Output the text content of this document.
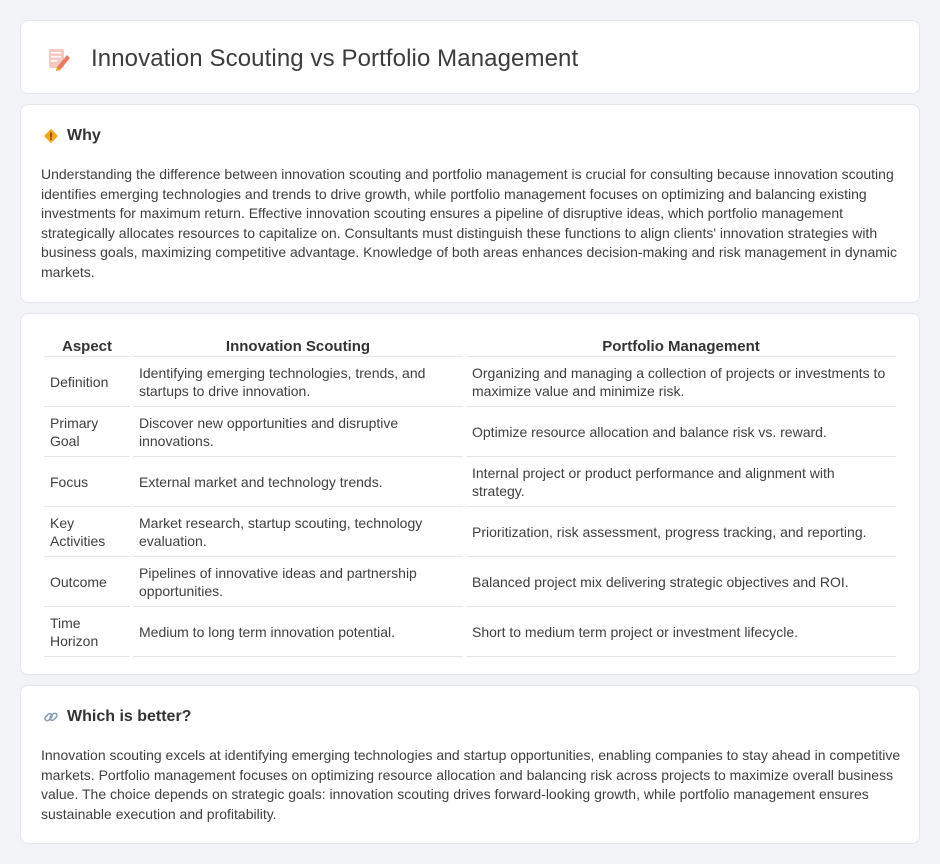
Innovation Scouting vs Portfolio Management
Why

Understanding the difference between innovation scouting and portfolio management is crucial for consulting because innovation scouting identifies emerging technologies and trends to drive growth, while portfolio management focuses on optimizing and balancing existing investments for maximum return. Effective innovation scouting ensures a pipeline of disruptive ideas, which portfolio management strategically allocates resources to capitalize on. Consultants must distinguish these functions to align clients' innovation strategies with business goals, maximizing competitive advantage. Knowledge of both areas enhances decision-making and risk management in dynamic markets.

Aspect	Innovation Scouting	Portfolio Management
Definition	Identifying emerging technologies, trends, and startups to drive innovation.	Organizing and managing a collection of projects or investments to maximize value and minimize risk.
Primary Goal	Discover new opportunities and disruptive innovations.	Optimize resource allocation and balance risk vs. reward.
Focus	External market and technology trends.	Internal project or product performance and alignment with strategy.
Key Activities	Market research, startup scouting, technology evaluation.	Prioritization, risk assessment, progress tracking, and reporting.
Outcome	Pipelines of innovative ideas and partnership opportunities.	Balanced project mix delivering strategic objectives and ROI.
Time Horizon	Medium to long term innovation potential.	Short to medium term project or investment lifecycle.
Which is better?

Innovation scouting excels at identifying emerging technologies and startup opportunities, enabling companies to stay ahead in competitive markets. Portfolio management focuses on optimizing resource allocation and balancing risk across projects to maximize overall business value. The choice depends on strategic goals: innovation scouting drives forward-looking growth, while portfolio management ensures sustainable execution and profitability.
